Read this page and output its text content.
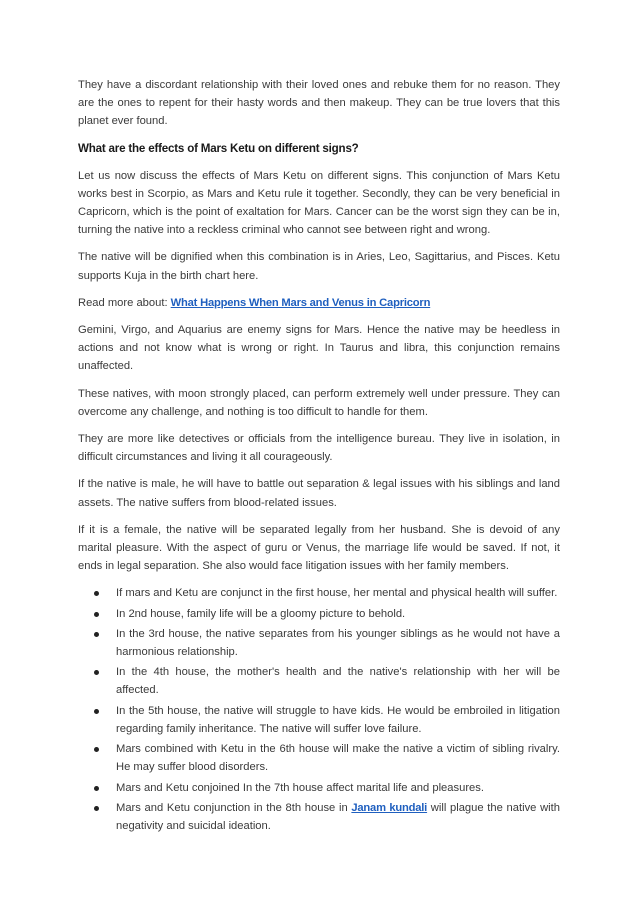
They have a discordant relationship with their loved ones and rebuke them for no reason. They are the ones to repent for their hasty words and then makeup. They can be true lovers that this planet ever found.

What are the effects of Mars Ketu on different signs?

Let us now discuss the effects of Mars Ketu on different signs. This conjunction of Mars Ketu works best in Scorpio, as Mars and Ketu rule it together. Secondly, they can be very beneficial in Capricorn, which is the point of exaltation for Mars. Cancer can be the worst sign they can be in, turning the native into a reckless criminal who cannot see between right and wrong.

The native will be dignified when this combination is in Aries, Leo, Sagittarius, and Pisces. Ketu supports Kuja in the birth chart here.

Read more about: What Happens When Mars and Venus in Capricorn

Gemini, Virgo, and Aquarius are enemy signs for Mars. Hence the native may be heedless in actions and not know what is wrong or right. In Taurus and libra, this conjunction remains unaffected.

These natives, with moon strongly placed, can perform extremely well under pressure. They can overcome any challenge, and nothing is too difficult to handle for them.

They are more like detectives or officials from the intelligence bureau. They live in isolation, in difficult circumstances and living it all courageously.

If the native is male, he will have to battle out separation & legal issues with his siblings and land assets. The native suffers from blood-related issues.

If it is a female, the native will be separated legally from her husband. She is devoid of any marital pleasure. With the aspect of guru or Venus, the marriage life would be saved. If not, it ends in legal separation. She also would face litigation issues with her family members.

If mars and Ketu are conjunct in the first house, her mental and physical health will suffer.
In 2nd house, family life will be a gloomy picture to behold.
In the 3rd house, the native separates from his younger siblings as he would not have a harmonious relationship.
In the 4th house, the mother's health and the native's relationship with her will be affected.
In the 5th house, the native will struggle to have kids. He would be embroiled in litigation regarding family inheritance. The native will suffer love failure.
Mars combined with Ketu in the 6th house will make the native a victim of sibling rivalry. He may suffer blood disorders.
Mars and Ketu conjoined In the 7th house affect marital life and pleasures.
Mars and Ketu conjunction in the 8th house in Janam kundali will plague the native with negativity and suicidal ideation.
